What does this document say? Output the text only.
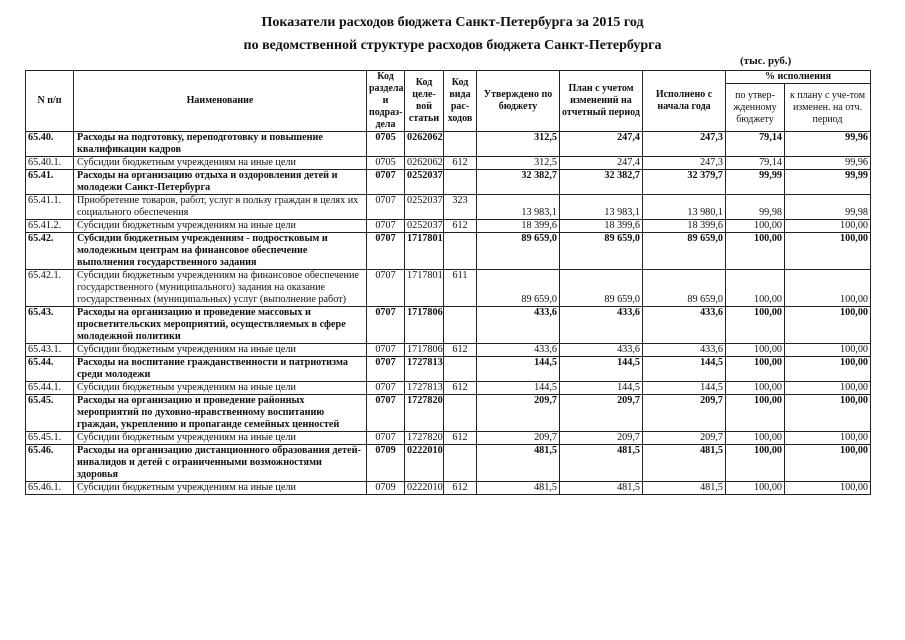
Показатели расходов бюджета Санкт-Петербурга за 2015 год
по ведомственной структуре расходов бюджета Санкт-Петербурга
(тыс. руб.)
N п/п	Наименование	Код раздела и подраз-дела	Код целе-вой статьи	Код вида рас-ходов	Утверждено по бюджету	План с учетом изменений на отчетный период	Исполнено с начала года	% исполнения	
								по утвер-жденному бюджету	к плану с уче-том изменен. на отч. период
65.40.	Расходы на подготовку, переподготовку и повышение квалификации кадров	0705	0262062		312,5	247,4	247,3	79,14	99,96
65.40.1.	Субсидии бюджетным учреждениям на иные цели	0705	0262062	612	312,5	247,4	247,3	79,14	99,96
65.41.	Расходы на организацию отдыха и оздоровления детей и молодежи Санкт-Петербурга	0707	0252037		32 382,7	32 382,7	32 379,7	99,99	99,99
65.41.1.	Приобретение товаров, работ, услуг в пользу граждан в целях их социального обеспечения	0707	0252037	323	13 983,1	13 983,1	13 980,1	99,98	99,98
65.41.2.	Субсидии бюджетным учреждениям на иные цели	0707	0252037	612	18 399,6	18 399,6	18 399,6	100,00	100,00
65.42.	Субсидии бюджетным учреждениям - подростковым и молодежным центрам на финансовое обеспечение выполнения государственного задания	0707	1717801		89 659,0	89 659,0	89 659,0	100,00	100,00
65.42.1.	Субсидии бюджетным учреждениям на финансовое обеспечение государственного (муниципального) задания на оказание государственных (муниципальных) услуг (выполнение работ)	0707	1717801	611	89 659,0	89 659,0	89 659,0	100,00	100,00
65.43.	Расходы на организацию и проведение массовых и просветительских мероприятий, осуществляемых в сфере молодежной политики	0707	1717806		433,6	433,6	433,6	100,00	100,00
65.43.1.	Субсидии бюджетным учреждениям на иные цели	0707	1717806	612	433,6	433,6	433,6	100,00	100,00
65.44.	Расходы на воспитание гражданственности и патриотизма среди молодежи	0707	1727813		144,5	144,5	144,5	100,00	100,00
65.44.1.	Субсидии бюджетным учреждениям на иные цели	0707	1727813	612	144,5	144,5	144,5	100,00	100,00
65.45.	Расходы на организацию и проведение районных мероприятий по духовно-нравственному воспитанию граждан, укреплению и пропаганде семейных ценностей	0707	1727820		209,7	209,7	209,7	100,00	100,00
65.45.1.	Субсидии бюджетным учреждениям на иные цели	0707	1727820	612	209,7	209,7	209,7	100,00	100,00
65.46.	Расходы на организацию дистанционного образования детей-инвалидов и детей с ограниченными возможностями здоровья	0709	0222010		481,5	481,5	481,5	100,00	100,00
65.46.1.	Субсидии бюджетным учреждениям на иные цели	0709	0222010	612	481,5	481,5	481,5	100,00	100,00
